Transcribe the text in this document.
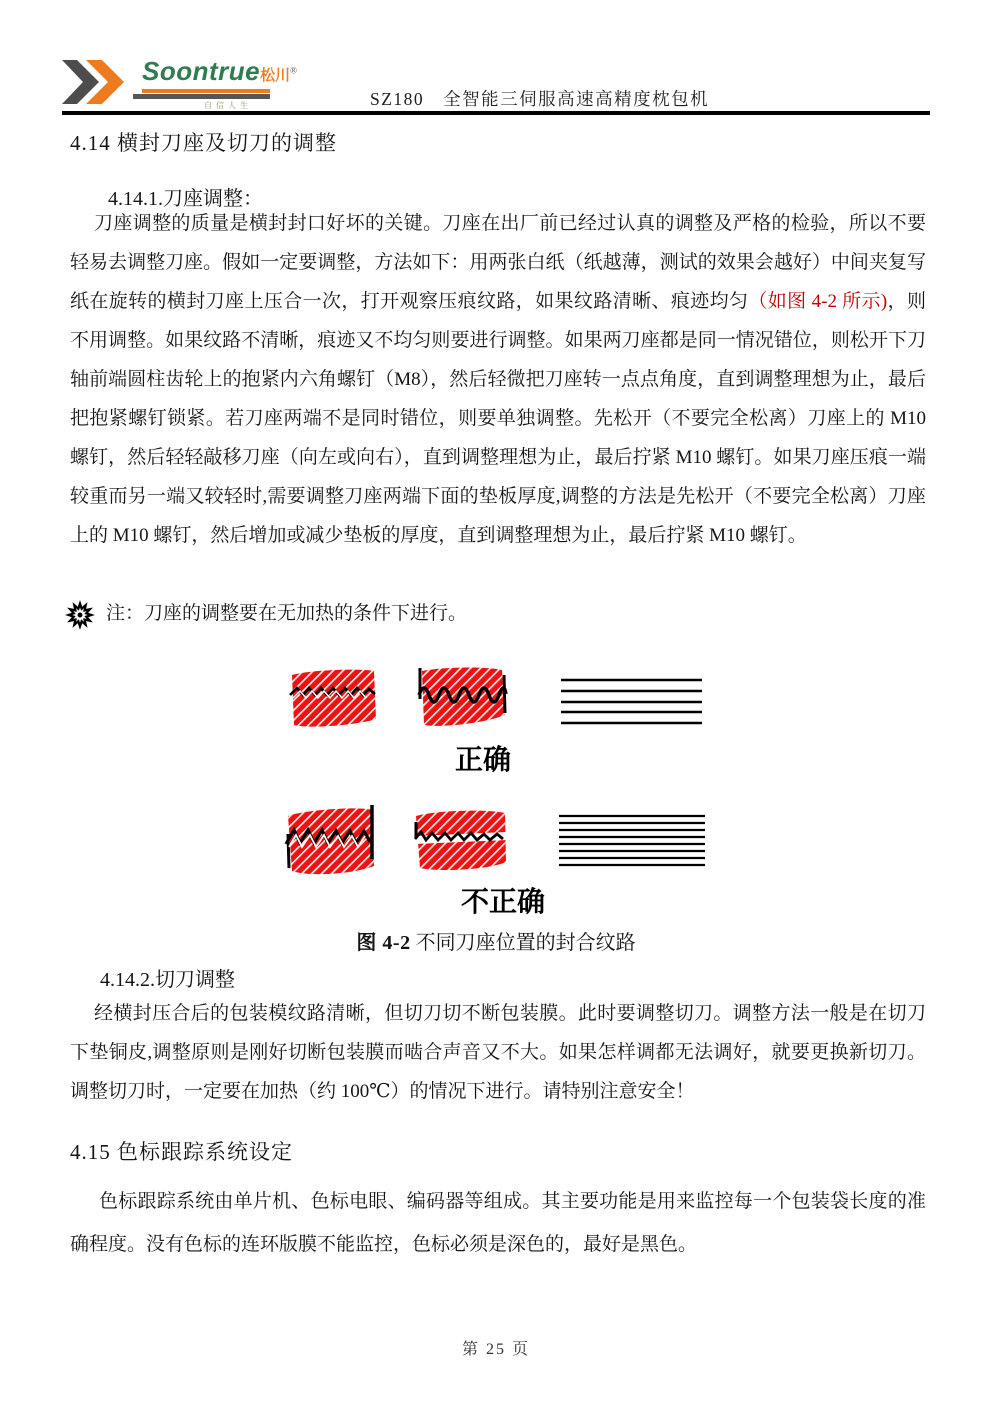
Soontrue松川®
自信人生	SZ180　全智能三伺服高速高精度枕包机
4.14 横封刀座及切刀的调整
4.14.1.刀座调整：
刀座调整的质量是横封封口好坏的关键。刀座在出厂前已经过认真的调整及严格的检验，所以不要轻易去调整刀座。假如一定要调整，方法如下：用两张白纸（纸越薄，测试的效果会越好）中间夹复写纸在旋转的横封刀座上压合一次，打开观察压痕纹路，如果纹路清晰、痕迹均匀（如图 4-2 所示)，则不用调整。如果纹路不清晰，痕迹又不均匀则要进行调整。如果两刀座都是同一情况错位，则松开下刀轴前端圆柱齿轮上的抱紧内六角螺钉（M8），然后轻微把刀座转一点点角度，直到调整理想为止，最后把抱紧螺钉锁紧。若刀座两端不是同时错位，则要单独调整。先松开（不要完全松离）刀座上的 M10 螺钉，然后轻轻敲移刀座（向左或向右），直到调整理想为止，最后拧紧 M10 螺钉。如果刀座压痕一端较重而另一端又较轻时,需要调整刀座两端下面的垫板厚度,调整的方法是先松开（不要完全松离）刀座上的 M10 螺钉，然后增加或减少垫板的厚度，直到调整理想为止，最后拧紧 M10 螺钉。
注：刀座的调整要在无加热的条件下进行。
正确
不正确
图 4-2 不同刀座位置的封合纹路
4.14.2.切刀调整
经横封压合后的包装模纹路清晰，但切刀切不断包装膜。此时要调整切刀。调整方法一般是在切刀下垫铜皮,调整原则是刚好切断包装膜而啮合声音又不大。如果怎样调都无法调好，就要更换新切刀。调整切刀时，一定要在加热（约 100℃）的情况下进行。请特别注意安全！
4.15 色标跟踪系统设定
色标跟踪系统由单片机、色标电眼、编码器等组成。其主要功能是用来监控每一个包装袋长度的准确程度。没有色标的连环版膜不能监控，色标必须是深色的，最好是黑色。
第 25 页
